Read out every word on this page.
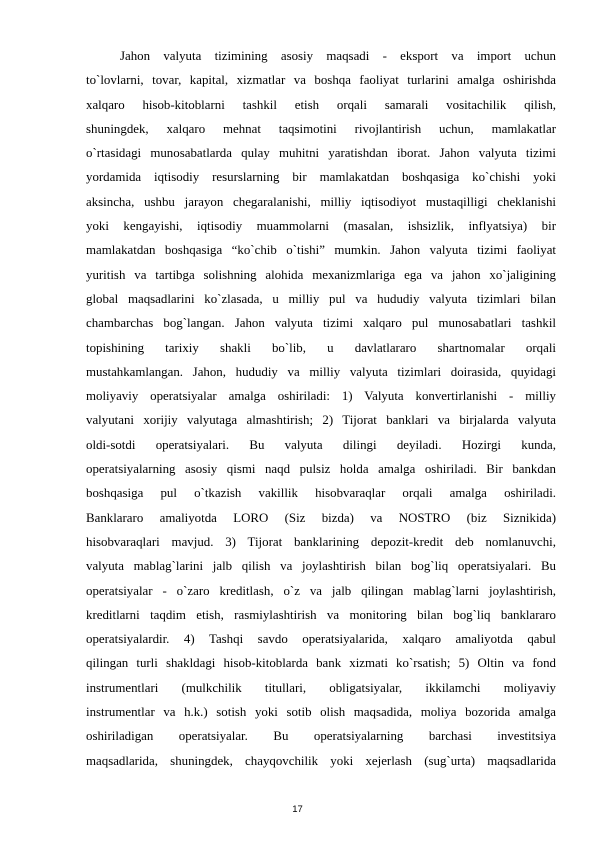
Jahon valyuta tizimining asosiy maqsadi - eksport va import uchun
to`lovlarni, tovar, kapital, xizmatlar va boshqa faoliyat turlarini amalga oshirishda
xalqaro hisob-kitoblarni tashkil etish orqali samarali vositachilik qilish,
shuningdek, xalqaro mehnat taqsimotini rivojlantirish uchun, mamlakatlar
o`rtasidagi munosabatlarda qulay muhitni yaratishdan iborat. Jahon valyuta tizimi
yordamida iqtisodiy resurslarning bir mamlakatdan boshqasiga ko`chishi yoki
aksincha, ushbu jarayon chegaralanishi, milliy iqtisodiyot mustaqilligi cheklanishi
yoki kengayishi, iqtisodiy muammolarni (masalan, ishsizlik, inflyatsiya) bir
mamlakatdan boshqasiga “ko`chib o`tishi” mumkin. Jahon valyuta tizimi faoliyat
yuritish va tartibga solishning alohida mexanizmlariga ega va jahon xo`jaligining
global maqsadlarini ko`zlasada, u milliy pul va hududiy valyuta tizimlari bilan
chambarchas bog`langan. Jahon valyuta tizimi xalqaro pul munosabatlari tashkil
topishining tarixiy shakli bo`lib, u davlatlararo shartnomalar orqali
mustahkamlangan. Jahon, hududiy va milliy valyuta tizimlari doirasida, quyidagi
moliyaviy operatsiyalar amalga oshiriladi: 1) Valyuta konvertirlanishi - milliy
valyutani xorijiy valyutaga almashtirish; 2) Tijorat banklari va birjalarda valyuta
oldi-sotdi operatsiyalari. Bu valyuta dilingi deyiladi. Hozirgi kunda,
operatsiyalarning asosiy qismi naqd pulsiz holda amalga oshiriladi. Bir bankdan
boshqasiga pul o`tkazish vakillik hisobvaraqlar orqali amalga oshiriladi.
Banklararo amaliyotda LORO (Siz bizda) va NOSTRO (biz Siznikida)
hisobvaraqlari mavjud. 3) Tijorat banklarining depozit-kredit deb nomlanuvchi,
valyuta mablag`larini jalb qilish va joylashtirish bilan bog`liq operatsiyalari. Bu
operatsiyalar - o`zaro kreditlash, o`z va jalb qilingan mablag`larni joylashtirish,
kreditlarni taqdim etish, rasmiylashtirish va monitoring bilan bog`liq banklararo
operatsiyalardir. 4) Tashqi savdo operatsiyalarida, xalqaro amaliyotda qabul
qilingan turli shakldagi hisob-kitoblarda bank xizmati ko`rsatish; 5) Oltin va fond
instrumentlari (mulkchilik titullari, obligatsiyalar, ikkilamchi moliyaviy
instrumentlar va h.k.) sotish yoki sotib olish maqsadida, moliya bozorida amalga
oshiriladigan operatsiyalar. Bu operatsiyalarning barchasi investitsiya
maqsadlarida, shuningdek, chayqovchilik yoki xejerlash (sug`urta) maqsadlarida
17
